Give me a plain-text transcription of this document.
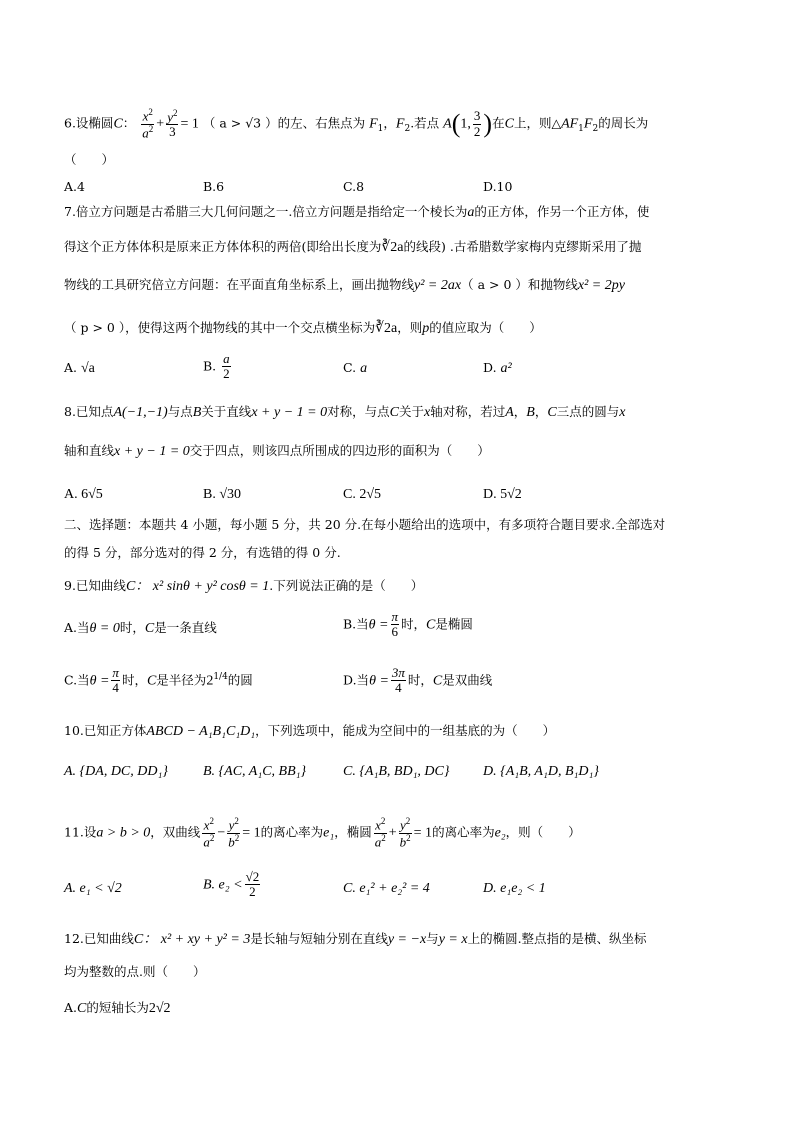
6.设椭圆C： $\frac{x^2}{a^2} + \frac{y^2}{3} = 1$ （ a > √3 ）的左、右焦点为 $F_1$，$F_2$.若点 A(1, $\frac{3}{2}$ )在C上，则$\triangle AF_1F_2$的周长为
（　　）
A.4	B.6	C.8	D.10
7.倍立方问题是古希腊三大几何问题之一.倍立方问题是指给定一个棱长为a的正方体，作另一个正方体，使
得这个正方体体积是原来正方体体积的两倍(即给出长度为∛2a的线段) .古希腊数学家梅内克缪斯采用了抛
物线的工具研究倍立方问题：在平面直角坐标系上，画出抛物线y² = 2ax（ a > 0 ）和抛物线x² = 2py
（ p > 0 ），使得这两个抛物线的其中一个交点横坐标为∛2a，则p的值应取为（　　）
A. √a	B. $\frac{a}{2}$	C. a	D. a²
8.已知点A(−1,−1)与点B关于直线x + y − 1 = 0对称，与点C关于x轴对称，若过A，B，C三点的圆与x
轴和直线x + y − 1 = 0交于四点，则该四点所围成的四边形的面积为（　　）
A. 6√5	B. √30	C. 2√5	D. 5√2
二、选择题：本题共 4 小题，每小题 5 分，共 20 分.在每小题给出的选项中，有多项符合题目要求.全部选对
的得 5 分，部分选对的得 2 分，有选错的得 0 分.
9.已知曲线C： x² sinθ + y² cosθ = 1.下列说法正确的是（　　）
A.当θ = 0时，C是一条直线	B.当$\theta = \frac{\pi}{6}$ 时，C是椭圆
C.当$\theta = \frac{\pi}{4}$ 时，C是半径为$2^{1/4}$的圆	D.当$\theta = \frac{3\pi}{4}$ 时，C是双曲线
10.已知正方体ABCD − A₁B₁C₁D₁，下列选项中，能成为空间中的一组基底的为（　　）
A. {DA, DC, DD₁}	B. {AC, A₁C, BB₁}	C. {A₁B, BD₁, DC} D. {A₁B, A₁D, B₁D₁}
11.设a > b > 0，双曲线 $\frac{x^2}{a^2} - \frac{y^2}{b^2} = 1$的离心率为e₁，椭圆 $\frac{x^2}{a^2} + \frac{y^2}{b^2} = 1$的离心率为e₂，则（　　）
A. e₁ < √2	B. $e_2 < \frac{√2}{2}$	C. e₁² + e₂² = 4	D. e₁e₂ < 1
12.已知曲线C： x² + xy + y² = 3是长轴与短轴分别在直线y = −x与y = x上的椭圆.整点指的是横、纵坐标
均为整数的点.则（　　）
A.C的短轴长为2√2
